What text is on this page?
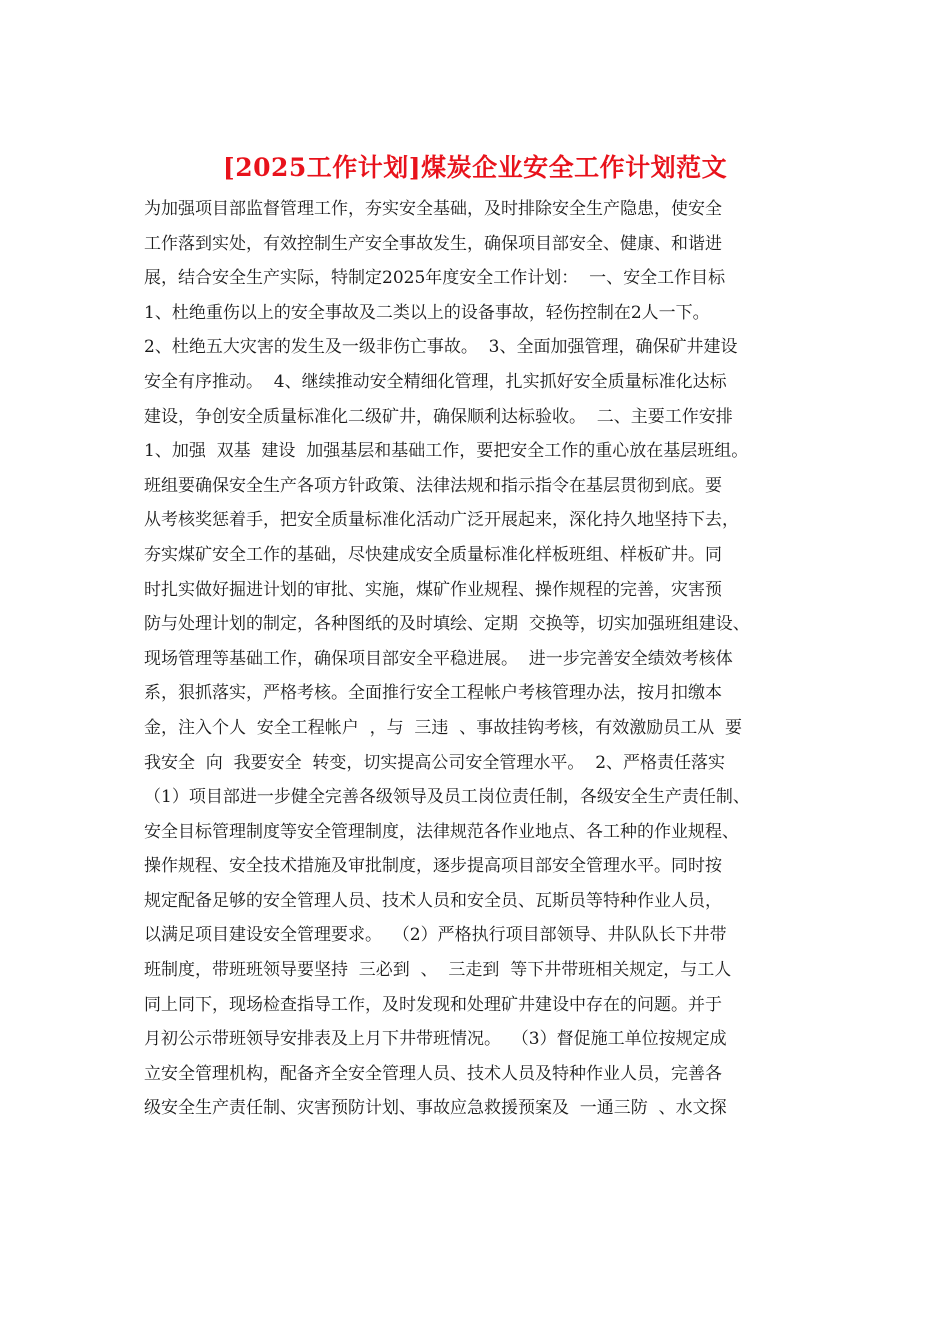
[2025工作计划]煤炭企业安全工作计划范文
为加强项目部监督管理工作，夯实安全基础，及时排除安全生产隐患，使安全
工作落到实处，有效控制生产安全事故发生，确保项目部安全、健康、和谐进
展，结合安全生产实际，特制定2025年度安全工作计划：  一、安全工作目标
1、杜绝重伤以上的安全事故及二类以上的设备事故，轻伤控制在2人一下。
2、杜绝五大灾害的发生及一级非伤亡事故。  3、全面加强管理，确保矿井建设
安全有序推动。  4、继续推动安全精细化管理，扎实抓好安全质量标准化达标
建设，争创安全质量标准化二级矿井，确保顺利达标验收。  二、主要工作安排
1、加强  双基  建设  加强基层和基础工作，要把安全工作的重心放在基层班组。
班组要确保安全生产各项方针政策、法律法规和指示指令在基层贯彻到底。要
从考核奖惩着手，把安全质量标准化活动广泛开展起来，深化持久地坚持下去，
夯实煤矿安全工作的基础，尽快建成安全质量标准化样板班组、样板矿井。同
时扎实做好掘进计划的审批、实施，煤矿作业规程、操作规程的完善，灾害预
防与处理计划的制定，各种图纸的及时填绘、定期  交换等，切实加强班组建设、
现场管理等基础工作，确保项目部安全平稳进展。  进一步完善安全绩效考核体
系，狠抓落实，严格考核。全面推行安全工程帐户考核管理办法，按月扣缴本
金，注入个人  安全工程帐户  ，与  三违  、事故挂钩考核，有效激励员工从  要
我安全  向  我要安全  转变，切实提高公司安全管理水平。  2、严格责任落实
（1）项目部进一步健全完善各级领导及员工岗位责任制，各级安全生产责任制、
安全目标管理制度等安全管理制度，法律规范各作业地点、各工种的作业规程、
操作规程、安全技术措施及审批制度，逐步提高项目部安全管理水平。同时按
规定配备足够的安全管理人员、技术人员和安全员、瓦斯员等特种作业人员，
以满足项目建设安全管理要求。  （2）严格执行项目部领导、井队队长下井带
班制度，带班班领导要坚持  三必到  、  三走到  等下井带班相关规定，与工人
同上同下，现场检查指导工作，及时发现和处理矿井建设中存在的问题。并于
月初公示带班领导安排表及上月下井带班情况。  （3）督促施工单位按规定成
立安全管理机构，配备齐全安全管理人员、技术人员及特种作业人员，完善各
级安全生产责任制、灾害预防计划、事故应急救援预案及  一通三防  、水文探
